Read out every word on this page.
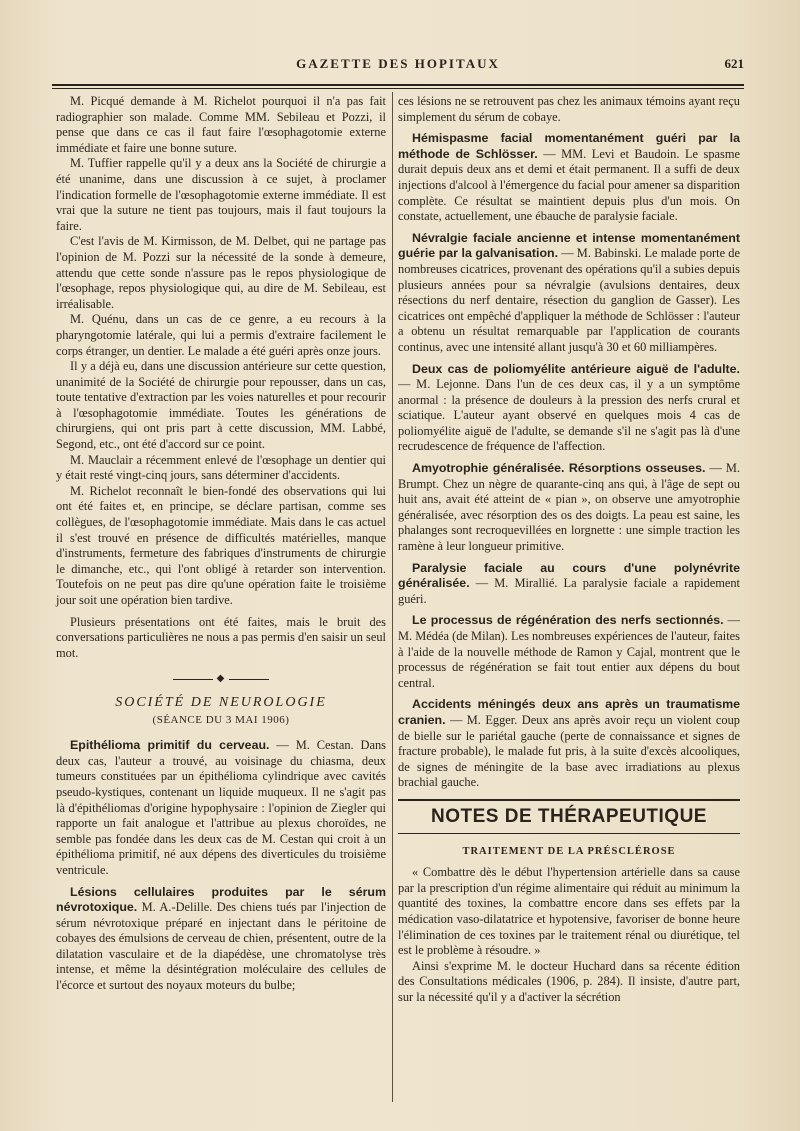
GAZETTE DES HOPITAUX	621

M. Picqué demande à M. Richelot pourquoi il n'a pas fait radiographier son malade. Comme MM. Sebileau et Pozzi, il pense que dans ce cas il faut faire l'œsophagotomie externe immédiate et faire une bonne suture.

M. Tuffier rappelle qu'il y a deux ans la Société de chirurgie a été unanime, dans une discussion à ce sujet, à proclamer l'indication formelle de l'œsophagotomie externe immédiate. Il est vrai que la suture ne tient pas toujours, mais il faut toujours la faire.

C'est l'avis de M. Kirmisson, de M. Delbet, qui ne partage pas l'opinion de M. Pozzi sur la nécessité de la sonde à demeure, attendu que cette sonde n'assure pas le repos physiologique de l'œsophage, repos physiologique qui, au dire de M. Sebileau, est irréalisable.

M. Quénu, dans un cas de ce genre, a eu recours à la pharyngotomie latérale, qui lui a permis d'extraire facilement le corps étranger, un dentier. Le malade a été guéri après onze jours.

Il y a déjà eu, dans une discussion antérieure sur cette question, unanimité de la Société de chirurgie pour repousser, dans un cas, toute tentative d'extraction par les voies naturelles et pour recourir à l'œsophagotomie immédiate. Toutes les générations de chirurgiens, qui ont pris part à cette discussion, MM. Labbé, Segond, etc., ont été d'accord sur ce point.

M. Mauclair a récemment enlevé de l'œsophage un dentier qui y était resté vingt-cinq jours, sans déterminer d'accidents.

M. Richelot reconnaît le bien-fondé des observations qui lui ont été faites et, en principe, se déclare partisan, comme ses collègues, de l'œsophagotomie immédiate. Mais dans le cas actuel il s'est trouvé en présence de difficultés matérielles, manque d'instruments, fermeture des fabriques d'instruments de chirurgie le dimanche, etc., qui l'ont obligé à retarder son intervention. Toutefois on ne peut pas dire qu'une opération faite le troisième jour soit une opération bien tardive.

Plusieurs présentations ont été faites, mais le bruit des conversations particulières ne nous a pas permis d'en saisir un seul mot.

◆
SOCIÉTÉ DE NEUROLOGIE
(SÉANCE DU 3 MAI 1906)

Epithélioma primitif du cerveau. — M. Cestan. Dans deux cas, l'auteur a trouvé, au voisinage du chiasma, deux tumeurs constituées par un épithélioma cylindrique avec cavités pseudo-kystiques, contenant un liquide muqueux. Il ne s'agit pas là d'épithéliomas d'origine hypophysaire : l'opinion de Ziegler qui rapporte un fait analogue et l'attribue au plexus choroïdes, ne semble pas fondée dans les deux cas de M. Cestan qui croit à un épithélioma primitif, né aux dépens des diverticules du troisième ventricule.

Lésions cellulaires produites par le sérum névrotoxique. M. A.-Delille. Des chiens tués par l'injection de sérum névrotoxique préparé en injectant dans le péritoine de cobayes des émulsions de cerveau de chien, présentent, outre de la dilatation vasculaire et de la diapédèse, une chromatolyse très intense, et même la désintégration moléculaire des cellules de l'écorce et surtout des noyaux moteurs du bulbe;

ces lésions ne se retrouvent pas chez les animaux témoins ayant reçu simplement du sérum de cobaye.

Hémispasme facial momentanément guéri par la méthode de Schlösser. — MM. Levi et Baudoin. Le spasme durait depuis deux ans et demi et était permanent. Il a suffi de deux injections d'alcool à l'émergence du facial pour amener sa disparition complète. Ce résultat se maintient depuis plus d'un mois. On constate, actuellement, une ébauche de paralysie faciale.

Névralgie faciale ancienne et intense momentanément guérie par la galvanisation. — M. Babinski. Le malade porte de nombreuses cicatrices, provenant des opérations qu'il a subies depuis plusieurs années pour sa névralgie (avulsions dentaires, deux résections du nerf dentaire, résection du ganglion de Gasser). Les cicatrices ont empêché d'appliquer la méthode de Schlösser : l'auteur a obtenu un résultat remarquable par l'application de courants continus, avec une intensité allant jusqu'à 30 et 60 milliampères.

Deux cas de poliomyélite antérieure aiguë de l'adulte. — M. Lejonne. Dans l'un de ces deux cas, il y a un symptôme anormal : la présence de douleurs à la pression des nerfs crural et sciatique. L'auteur ayant observé en quelques mois 4 cas de poliomyélite aiguë de l'adulte, se demande s'il ne s'agit pas là d'une recrudescence de fréquence de l'affection.

Amyotrophie généralisée. Résorptions osseuses. — M. Brumpt. Chez un nègre de quarante-cinq ans qui, à l'âge de sept ou huit ans, avait été atteint de « pian », on observe une amyotrophie généralisée, avec résorption des os des doigts. La peau est saine, les phalanges sont recroquevillées en lorgnette : une simple traction les ramène à leur longueur primitive.

Paralysie faciale au cours d'une polynévrite généralisée. — M. Mirallié. La paralysie faciale a rapidement guéri.

Le processus de régénération des nerfs sectionnés. — M. Médéa (de Milan). Les nombreuses expériences de l'auteur, faites à l'aide de la nouvelle méthode de Ramon y Cajal, montrent que le processus de régénération se fait tout entier aux dépens du bout central.

Accidents méningés deux ans après un traumatisme cranien. — M. Egger. Deux ans après avoir reçu un violent coup de bielle sur le pariétal gauche (perte de connaissance et signes de fracture probable), le malade fut pris, à la suite d'excès alcooliques, de signes de méningite de la base avec irradiations au plexus brachial gauche.

NOTES DE THÉRAPEUTIQUE
TRAITEMENT DE LA PRÉSCLÉROSE

« Combattre dès le début l'hypertension artérielle dans sa cause par la prescription d'un régime alimentaire qui réduit au minimum la quantité des toxines, la combattre encore dans ses effets par la médication vaso-dilatatrice et hypotensive, favoriser de bonne heure l'élimination de ces toxines par le traitement rénal ou diurétique, tel est le problème à résoudre. »

Ainsi s'exprime M. le docteur Huchard dans sa récente édition des Consultations médicales (1906, p. 284). Il insiste, d'autre part, sur la nécessité qu'il y a d'activer la sécrétion
